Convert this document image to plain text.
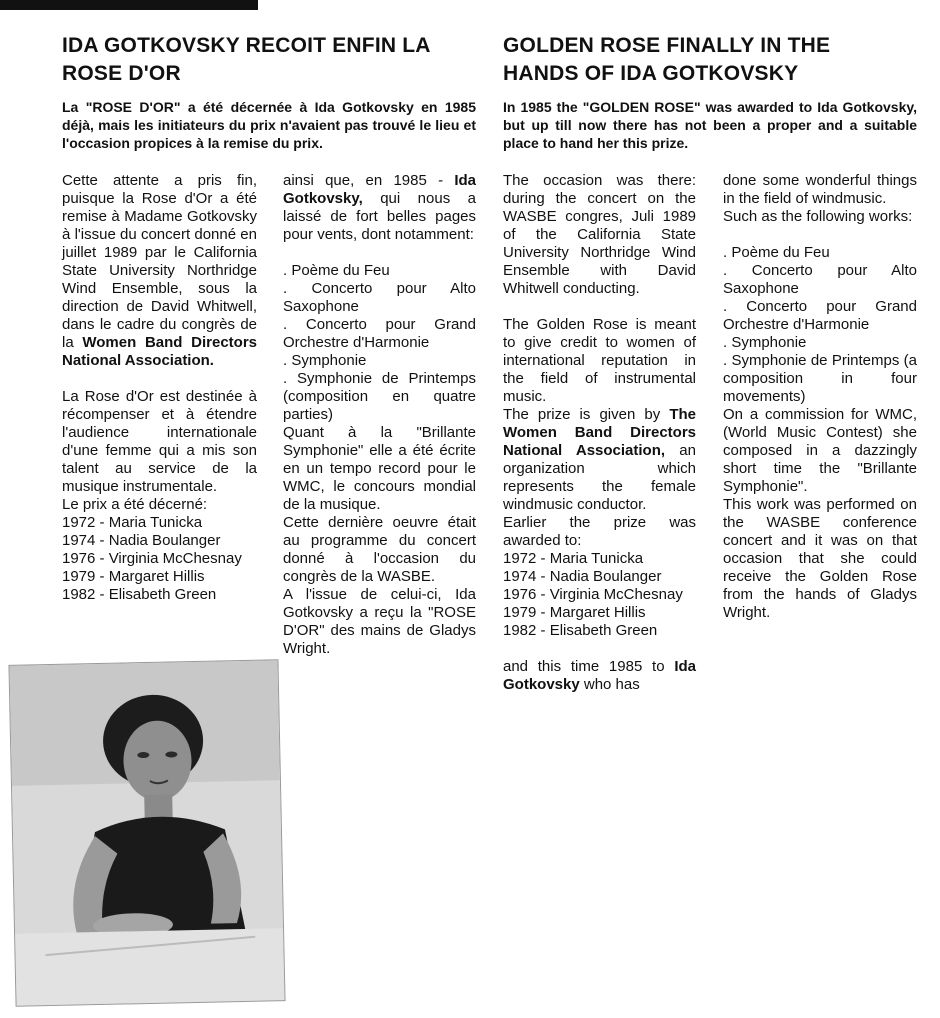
IDA GOTKOVSKY RECOIT ENFIN LA
ROSE D'OR

La "ROSE D'OR" a été décernée à Ida Gotkovsky en 1985 déjà, mais les initiateurs du prix n'avaient pas trouvé le lieu et l'occasion propices à la remise du prix.

Cette attente a pris fin, puisque la Rose d'Or a été remise à Madame Gotkovsky à l'issue du concert donné en juillet 1989 par le California State University Northridge Wind Ensemble, sous la direction de David Whitwell, dans le cadre du congrès de la Women Band Directors National Association.

La Rose d'Or est destinée à récompenser et à étendre l'audience internationale d'une femme qui a mis son talent au service de la musique instrumentale.

Le prix a été décerné:

1972 - Maria Tunicka
1974 - Nadia Boulanger
1976 - Virginia McChesnay
1979 - Margaret Hillis
1982 - Elisabeth Green

ainsi que, en 1985 - Ida Gotkovsky, qui nous a laissé de fort belles pages pour vents, dont notamment:

. Poème du Feu
. Concerto pour Alto Saxophone
. Concerto pour Grand Orchestre d'Harmonie
. Symphonie
. Symphonie de Printemps (composition en quatre parties)

Quant à la "Brillante Symphonie" elle a été écrite en un tempo record pour le WMC, le concours mondial de la musique.

Cette dernière oeuvre était au programme du concert donné à l'occasion du congrès de la WASBE.

A l'issue de celui-ci, Ida Gotkovsky a reçu la "ROSE D'OR" des mains de Gladys Wright.

GOLDEN ROSE FINALLY IN THE
HANDS OF IDA GOTKOVSKY

In 1985 the "GOLDEN ROSE" was awarded to Ida Gotkovsky, but up till now there has not been a proper and a suitable place to hand her this prize.

The occasion was there: during the concert on the WASBE congres, Juli 1989 of the California State University Northridge Wind Ensemble with David Whitwell conducting.

The Golden Rose is meant to give credit to women of international reputation in the field of instrumental music.

The prize is given by The Women Band Directors National Association, an organization which represents the female windmusic conductor.

Earlier the prize was awarded to:

1972 - Maria Tunicka
1974 - Nadia Boulanger
1976 - Virginia McChesnay
1979 - Margaret Hillis
1982 - Elisabeth Green

and this time 1985 to Ida Gotkovsky who has

done some wonderful things in the field of windmusic.

Such as the following works:

. Poème du Feu
. Concerto pour Alto Saxophone
. Concerto pour Grand Orchestre d'Harmonie
. Symphonie
. Symphonie de Printemps (a composition in four movements)

On a commission for WMC, (World Music Contest) she composed in a dazzingly short time the "Brillante Symphonie".

This work was performed on the WASBE conference concert and it was on that occasion that she could receive the Golden Rose from the hands of Gladys Wright.
